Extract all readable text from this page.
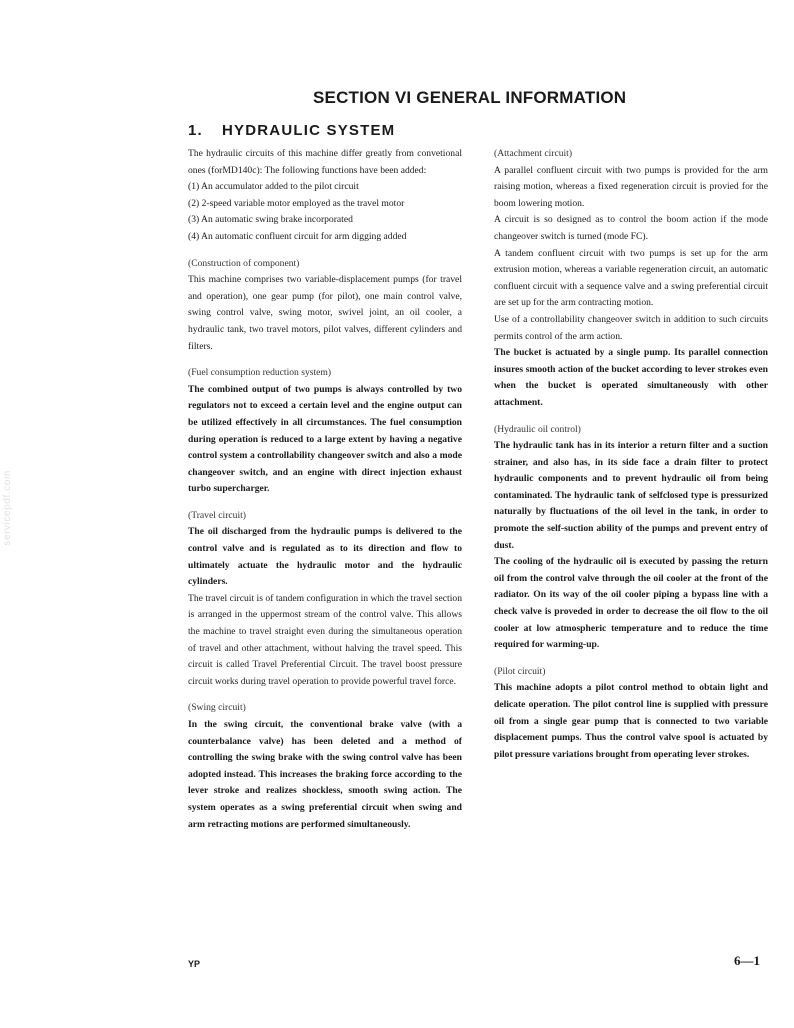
servicepdf.com
SECTION VI GENERAL INFORMATION
1. HYDRAULIC SYSTEM

The hydraulic circuits of this machine differ greatly from convetional ones (forMD140c): The following functions have been added:

(1) An accumulator added to the pilot circuit
(2) 2-speed variable motor employed as the travel motor
(3) An automatic swing brake incorporated
(4) An automatic confluent circuit for arm digging added
(Construction of component)

This machine comprises two variable-displacement pumps (for travel and operation), one gear pump (for pilot), one main control valve, swing control valve, swing motor, swivel joint, an oil cooler, a hydraulic tank, two travel motors, pilot valves, different cylinders and filters.

(Fuel consumption reduction system)

The combined output of two pumps is always controlled by two regulators not to exceed a certain level and the engine output can be utilized effectively in all circumstances. The fuel consumption during operation is reduced to a large extent by having a negative control system a controllability changeover switch and also a mode changeover switch, and an engine with direct injection exhaust turbo supercharger.

(Travel circuit)

The oil discharged from the hydraulic pumps is delivered to the control valve and is regulated as to its direction and flow to ultimately actuate the hydraulic motor and the hydraulic cylinders.

The travel circuit is of tandem configuration in which the travel section is arranged in the uppermost stream of the control valve. This allows the machine to travel straight even during the simultaneous operation of travel and other attachment, without halving the travel speed. This circuit is called Travel Preferential Circuit. The travel boost pressure circuit works during travel operation to provide powerful travel force.

(Swing circuit)

In the swing circuit, the conventional brake valve (with a counterbalance valve) has been deleted and a method of controlling the swing brake with the swing control valve has been adopted instead. This increases the braking force according to the lever stroke and realizes shockless, smooth swing action. The system operates as a swing preferential circuit when swing and arm retracting motions are performed simultaneously.

(Attachment circuit)

A parallel confluent circuit with two pumps is provided for the arm raising motion, whereas a fixed regeneration circuit is provied for the boom lowering motion.

A circuit is so designed as to control the boom action if the mode changeover switch is turned (mode FC).

A tandem confluent circuit with two pumps is set up for the arm extrusion motion, whereas a variable regeneration circuit, an automatic confluent circuit with a sequence valve and a swing preferential circuit are set up for the arm contracting motion.

Use of a controllability changeover switch in addition to such circuits permits control of the arm action.

The bucket is actuated by a single pump. Its parallel connection insures smooth action of the bucket according to lever strokes even when the bucket is operated simultaneously with other attachment.

(Hydraulic oil control)

The hydraulic tank has in its interior a return filter and a suction strainer, and also has, in its side face a drain filter to protect hydraulic components and to prevent hydraulic oil from being contaminated. The hydraulic tank of selfclosed type is pressurized naturally by fluctuations of the oil level in the tank, in order to promote the self-suction ability of the pumps and prevent entry of dust.

The cooling of the hydraulic oil is executed by passing the return oil from the control valve through the oil cooler at the front of the radiator. On its way of the oil cooler piping a bypass line with a check valve is proveded in order to decrease the oil flow to the oil cooler at low atmospheric temperature and to reduce the time required for warming-up.

(Pilot circuit)

This machine adopts a pilot control method to obtain light and delicate operation. The pilot control line is supplied with pressure oil from a single gear pump that is connected to two variable displacement pumps. Thus the control valve spool is actuated by pilot pressure variations brought from operating lever strokes.

YP	6—1
